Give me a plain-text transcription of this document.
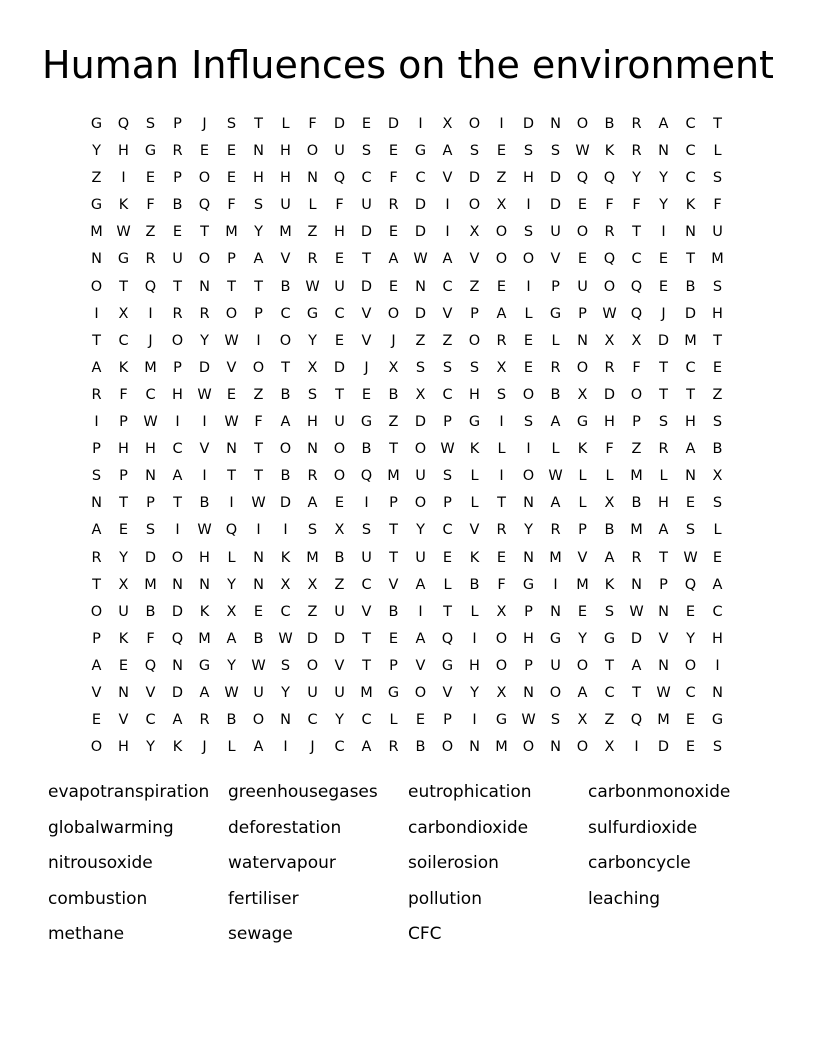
Human Influences on the environment
G	Q	S	P	J	S	T	L	F	D	E	D	I	X	O	I	D	N	O	B	R	A	C	T
Y	H	G	R	E	E	N	H	O	U	S	E	G	A	S	E	S	S	W	K	R	N	C	L
Z	I	E	P	O	E	H	H	N	Q	C	F	C	V	D	Z	H	D	Q	Q	Y	Y	C	S
G	K	F	B	Q	F	S	U	L	F	U	R	D	I	O	X	I	D	E	F	F	Y	K	F
M W	Z	E	T	M	Y	M	Z	H	D	E	D	I	X	O	S	U	O	R	T	I	N	U
N	G	R	U	O	P	A	V	R	E	T	A	W	A	V	O	O	V	E	Q	C	E	T	M
O	T	Q	T	N	T	T	B	W	U	D	E	N	C	Z	E	I	P	U	O	Q	E	B	S
I	X	I	R	R	O	P	C	G	C	V	O	D	V	P	A	L	G	P	W Q	J	D	H
T	C	J	O	Y	W	I	O	Y	E	V	J	Z	Z	O	R	E	L	N	X	X	D	M	T
A	K	M	P	D	V	O	T	X	D	J	X	S	S	S	X	E	R	O	R	F	T	C	E
R	F	C	H W	E	Z	B	S	T	E	B	X	C	H	S	O	B	X	D	O	T	T	Z
I	P	W	I	I	W	F	A	H	U	G	Z	D	P	G	I	S	A	G	H	P	S	H	S
P	H	H	C	V	N	T	O	N	O	B	T	O W	K	L	I	L	K	F	Z	R	A	B
S	P	N	A	I	T	T	B	R	O	Q	M	U	S	L	I	O W	L	L	M	L	N	X
N	T	P	T	B	I	W D	A	E	I	P	O	P	L	T	N	A	L	X	B	H	E	S
A	E	S	I	W Q	I	I	S	X	S	T	Y	C	V	R	Y	R	P	B	M	A	S	L
R	Y	D	O	H	L	N	K	M	B	U	T	U	E	K	E	N	M	V	A	R	T	W	E
T	X	M	N	N	Y	N	X	X	Z	C	V	A	L	B	F	G	I	M	K	N	P	Q	A
O	U	B	D	K	X	E	C	Z	U	V	B	I	T	L	X	P	N	E	S	W N	E	C
P	K	F	Q	M	A	B	W D	D	T	E	A	Q	I	O	H	G	Y	G	D	V	Y	H
A	E	Q	N	G	Y	W	S	O	V	T	P	V	G	H	O	P	U	O	T	A	N	O	I
V	N	V	D	A	W	U	Y	U	U	M	G	O	V	Y	X	N	O	A	C	T	W	C	N
E	V	C	A	R	B	O	N	C	Y	C	L	E	P	I	G W	S	X	Z	Q	M	E	G
O	H	Y	K	J	L	A	I	J	C	A	R	B	O	N	M	O	N	O	X	I	D	E	S
evapotranspiration	greenhousegases	eutrophication	carbonmonoxide
globalwarming	deforestation	carbondioxide	sulfurdioxide
nitrousoxide	watervapour	soilerosion	carboncycle
combustion	fertiliser	pollution	leaching
methane	sewage	CFC
